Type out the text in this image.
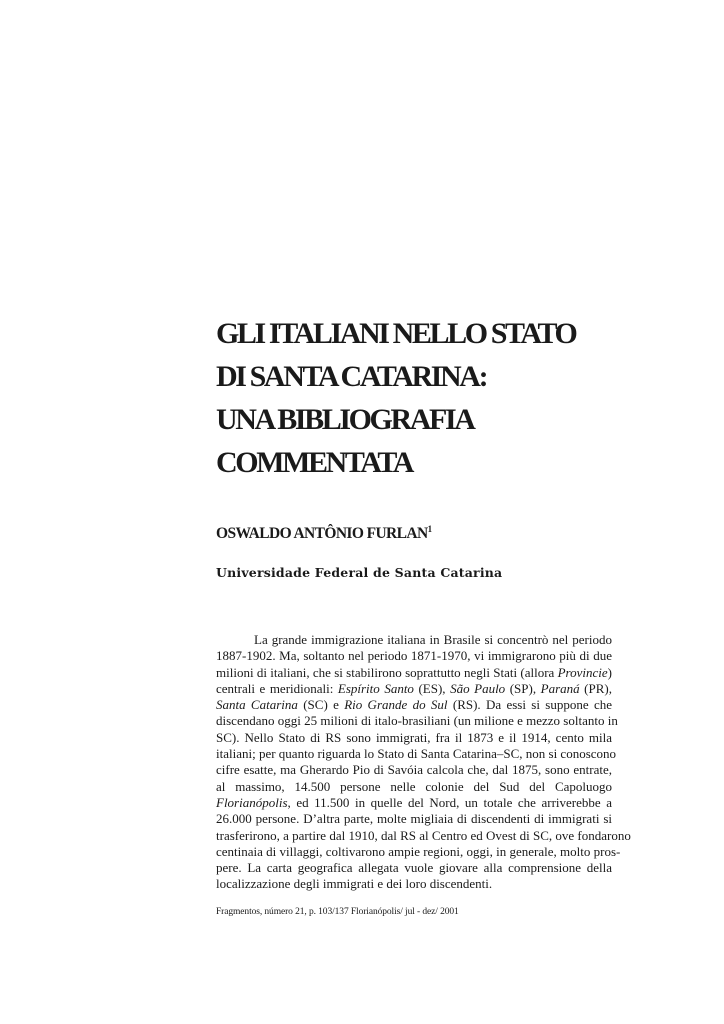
GLI ITALIANI NELLO STATO
DI SANTA CATARINA:
UNA BIBLIOGRAFIA
COMMENTATA
OSWALDO ANTÔNIO FURLAN$^1$
Universidade Federal de Santa Catarina
La grande immigrazione italiana in Brasile si concentrò nel periodo
1887-1902. Ma, soltanto nel periodo 1871-1970, vi immigrarono più di due
milioni di italiani, che si stabilirono soprattutto negli Stati (allora Provincie)
centrali e meridionali: Espírito Santo (ES), São Paulo (SP), Paraná (PR),
Santa Catarina (SC) e Rio Grande do Sul (RS). Da essi si suppone che
discendano oggi 25 milioni di italo-brasiliani (un milione e mezzo soltanto in
SC). Nello Stato di RS sono immigrati, fra il 1873 e il 1914, cento mila
italiani; per quanto riguarda lo Stato di Santa Catarina–SC, non si conoscono
cifre esatte, ma Gherardo Pio di Savóia calcola che, dal 1875, sono entrate,
al massimo, 14.500 persone nelle colonie del Sud del Capoluogo
Florianópolis, ed 11.500 in quelle del Nord, un totale che arriverebbe a
26.000 persone. D’altra parte, molte migliaia di discendenti di immigrati si
trasferirono, a partire dal 1910, dal RS al Centro ed Ovest di SC, ove fondarono
centinaia di villaggi, coltivarono ampie regioni, oggi, in generale, molto pros-
pere. La carta geografica allegata vuole giovare alla comprensione della
localizzazione degli immigrati e dei loro discendenti.
Fragmentos, número 21, p. 103/137 Florianópolis/ jul - dez/ 2001
